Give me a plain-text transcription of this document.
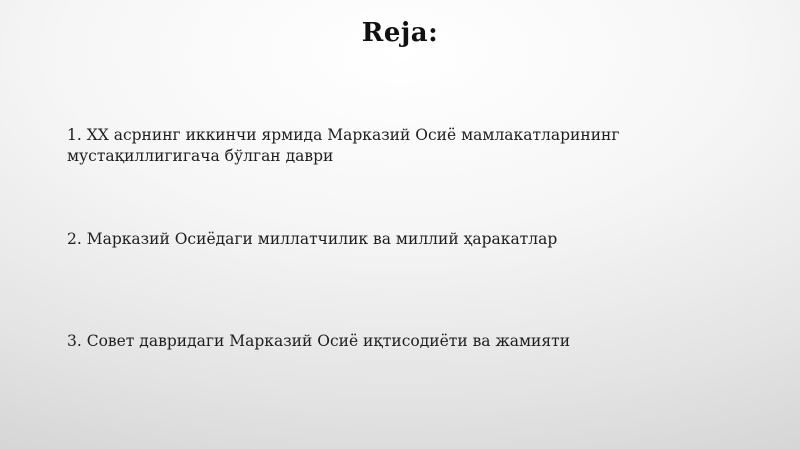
Reja:
1. XX асрнинг иккинчи ярмида Марказий Осиё мамлакатларининг мустақиллигигача бўлган даври
2. Марказий Осиёдаги миллатчилик ва миллий ҳаракатлар
3. Совет давридаги Марказий Осиё иқтисодиёти ва жамияти
